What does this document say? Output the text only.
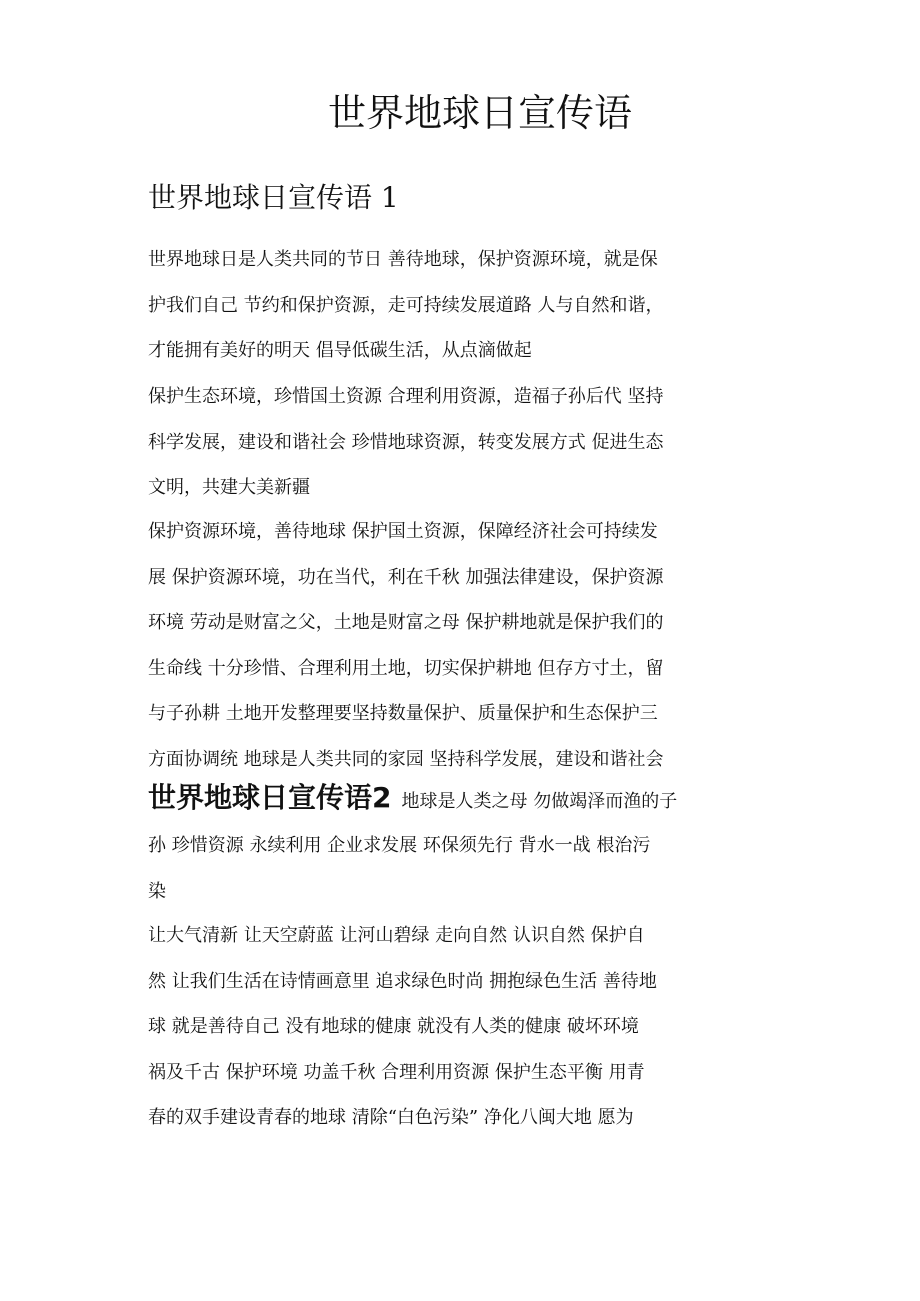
世界地球日宣传语
世界地球日宣传语 1
世界地球日是人类共同的节日 善待地球，保护资源环境，就是保
护我们自己 节约和保护资源，走可持续发展道路 人与自然和谐，
才能拥有美好的明天 倡导低碳生活，从点滴做起
保护生态环境，珍惜国土资源 合理利用资源，造福子孙后代 坚持
科学发展，建设和谐社会 珍惜地球资源，转变发展方式 促进生态
文明，共建大美新疆
保护资源环境，善待地球 保护国土资源，保障经济社会可持续发
展 保护资源环境，功在当代，利在千秋 加强法律建设，保护资源
环境 劳动是财富之父，土地是财富之母 保护耕地就是保护我们的
生命线 十分珍惜、合理利用土地，切实保护耕地 但存方寸土，留
与子孙耕 土地开发整理要坚持数量保护、质量保护和生态保护三
方面协调统 地球是人类共同的家园 坚持科学发展，建设和谐社会
世界地球日宣传语2 地球是人类之母 勿做竭泽而渔的子
孙 珍惜资源 永续利用 企业求发展 环保须先行 背水一战 根治污
染
让大气清新 让天空蔚蓝 让河山碧绿 走向自然 认识自然 保护自
然 让我们生活在诗情画意里 追求绿色时尚 拥抱绿色生活 善待地
球 就是善待自己 没有地球的健康 就没有人类的健康 破坏环境
祸及千古 保护环境 功盖千秋 合理利用资源 保护生态平衡 用青
春的双手建设青春的地球 清除“白色污染” 净化八闽大地 愿为
